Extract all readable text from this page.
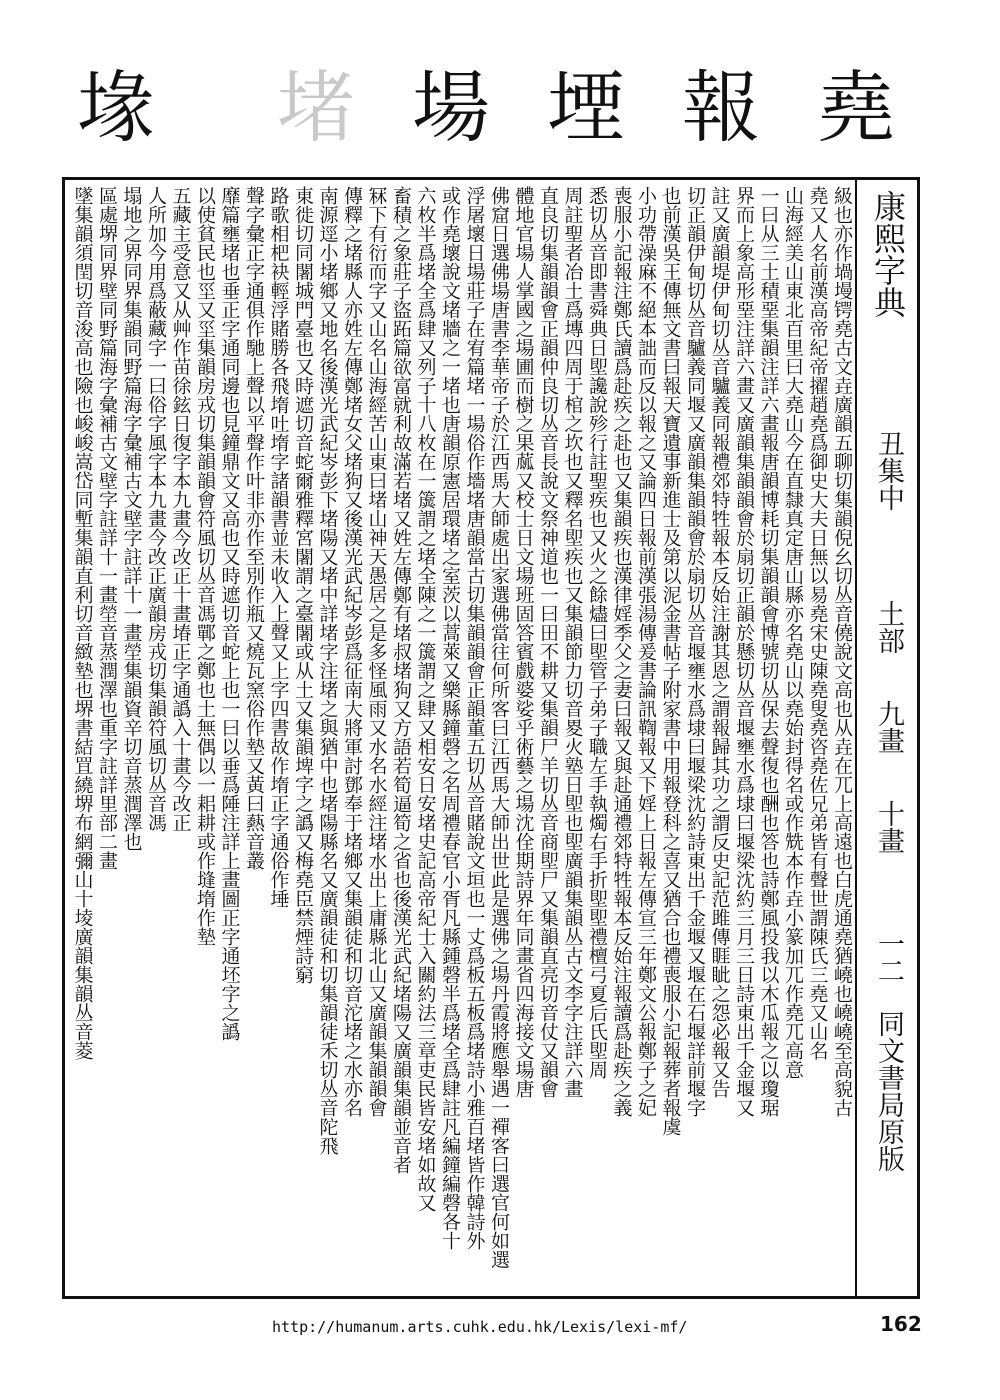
堯
報
堙
場
堵
堟
康熙字典
丑集中
土部
九畫
十畫
一二
同文書局原版
級也亦作堝墁锷堯古文垚廣韻五聊切集韻倪幺切丛音僥說文高也从垚在兀上高遠也白虎通堯猶嶢也嶢嶢至高貌古
堯又人名前漢高帝紀帝擢趙堯爲御史大夫日無以易堯宋史陳堯叟堯咨堯佐兄弟皆有聲世謂陳氏三堯又山名
山海經美山東北百里曰大堯山今在直隸真定唐山縣亦名堯山以堯始封得名或作兟本作垚小篆加兀作堯兀高意
一曰从三土積堊集韻注詳六畫報唐韻博耗切集韻韻會博號切丛保去聲復也酬也答也詩鄭風投我以木瓜報之以瓊琚
界而上象高形堊注詳六畫又廣韻集韻韻會於扇切正韻於懸切丛音堰壅水爲埭曰堰梁沈約三月三日詩東出千金堰又
註又廣韻堤伊甸切丛音驢義同報禮郊特牲報本反始注謝其恩之謂報歸其功之謂反史記范雎傳睚眦之怨必報又告
切正韻伊甸切丛音驢義同堰又廣韻集韻韻會於扇切丛音堰壅水爲埭曰堰梁沈約詩東出千金堰又堰在石堰詳前堰字
也前漢吳王傳無文書曰報天寶遺事新進士及第以泥金書帖子附家書中用報登科之喜又猶合也禮喪服小記報葬者報虞
小功帶澡麻不絕本詘而反以報之又論四日報前漢張湯傳爰書論訊鞫報又下婬上日報左傳宣三年鄭文公報鄭子之妃
喪服小記報注鄭氏讀爲赴疾之赴也又集韻疾也漢律婬季父之妻曰報又與赴通禮郊特牲報本反始注報讀爲赴疾之義
悉切丛音即書舜典日堲讒說殄行註聖疾也又火之餘燼曰堲管子弟子職左手執燭右手折堲堲禮檀弓夏后氏堲周
周註聖者冶土爲塼四周于棺之坎也又釋名堲疾也又集韻節力切音畟火塾日堲也堲廣韻集韻丛古文李字注詳六畫
直良切集韻韻會正韻仲良切丛音長說文祭神道也一曰田不耕又集韻尸羊切丛音商堲尸又集韻直亮切音仗又韻會
體地官場人掌國之場圃而樹之果蓏又校士日文場班固答賓戲婆娑乎術藝之場沈佺期詩界年同畫省四海接文場唐
佛窟日選佛場唐書李華帝子於江西馬大師處出家選佛當往何所客曰江西馬大師出世此是選佛之場丹霞將應舉遇一禪客曰選官何如選
浮屠壞日場莊子在宥篇堵一場俗作墻堵唐韻當古切集韻韻會正韻董五切丛音賭說文垣也一丈爲板五板爲堵詩小雅百堵皆作韓詩外
或作堯壞說文堵牆之一堵也唐韻原憲居環堵之室茨以蒿萊又樂縣鐘磬之名周禮春官小胥凡縣鍾磬半爲堵全爲肆註凡編鐘編磬各十
六枚半爲堵全爲肆又列子十八枚在一簴謂之堵全陳之一簴謂之肆又相安日安堵史記高帝紀士入關約法三章吏民皆安堵如故又
畜積之象莊子盜跖篇欲富就利故滿若堵又姓左傳鄭有堵叔堵狗又方語若筍逼筍之省也後漢光武紀堵陽又廣韻集韻並音者
冧下有衍而字又山名山海經苦山東曰堵山神天愚居之是多怪風雨又水名水經注堵水出上庸縣北山又廣韻集韻韻會
傳釋之堵縣人亦姓左傳鄭堵女父堵狗又後漢光武紀岑彭爲征南大將軍討鄧奉于堵鄉又集韻徒和切音沱堵之水亦名
南源逕小堵鄉又地名後漢光武紀岑彭下堵陽又堵中詳堵字注堵之與猶中也堵陽縣名又廣韻徒和切集韻徒禾切丛音陀飛
東徙切同闍城門臺也又時遮切音蛇爾雅釋宮闍謂之臺闍或从土又集韻埤字之譌又梅堯臣禁煙詩窮
路歌相杷袂輕浮賭勝各飛堶吐堶字諸韻書並未收入上聲又上字四書故作堶正字通俗作埵
聲字彙正字通俱作馳上聲以平聲作叶非亦作至別作瓶又燒瓦窯俗作墊又黃曰爇音叢
靡篇壅堵也垂正字通同邊也見鐘鼎文又高也又時遮切音蛇上也一曰以垂爲陲注詳上畫圖正字通坯字之譌
以使貧民也坙又坙集韻房戎切集韻韻會符風切丛音馮鄲之鄭也土無偶以一耜耕或作塳堶作墊
五藏主受意又从艸作苗徐鉉日復字本九畫今改正十畫堾正字通譌入十畫今改正
人所加今用爲蔽藏字一曰俗字風字本九畫今改正廣韻房戎切集韻符風切丛音馮
塌地之界同界集韻同野篇海字彙補古文壁字註詳十一畫塋集韻資辛切音蒸潤澤也
區處堺同界壁同野篇海字彙補古文壁字註詳十一畫塋音蒸潤澤也重字註詳里部二畫
墜集韻須閏切音浚高也險也峻峻嵩岱同塹集韻直利切音緻墊也堺書結罝繞堺布網彌山十堎廣韻集韻丛音菱
http://humanum.arts.cuhk.edu.hk/Lexis/lexi-mf/	162
